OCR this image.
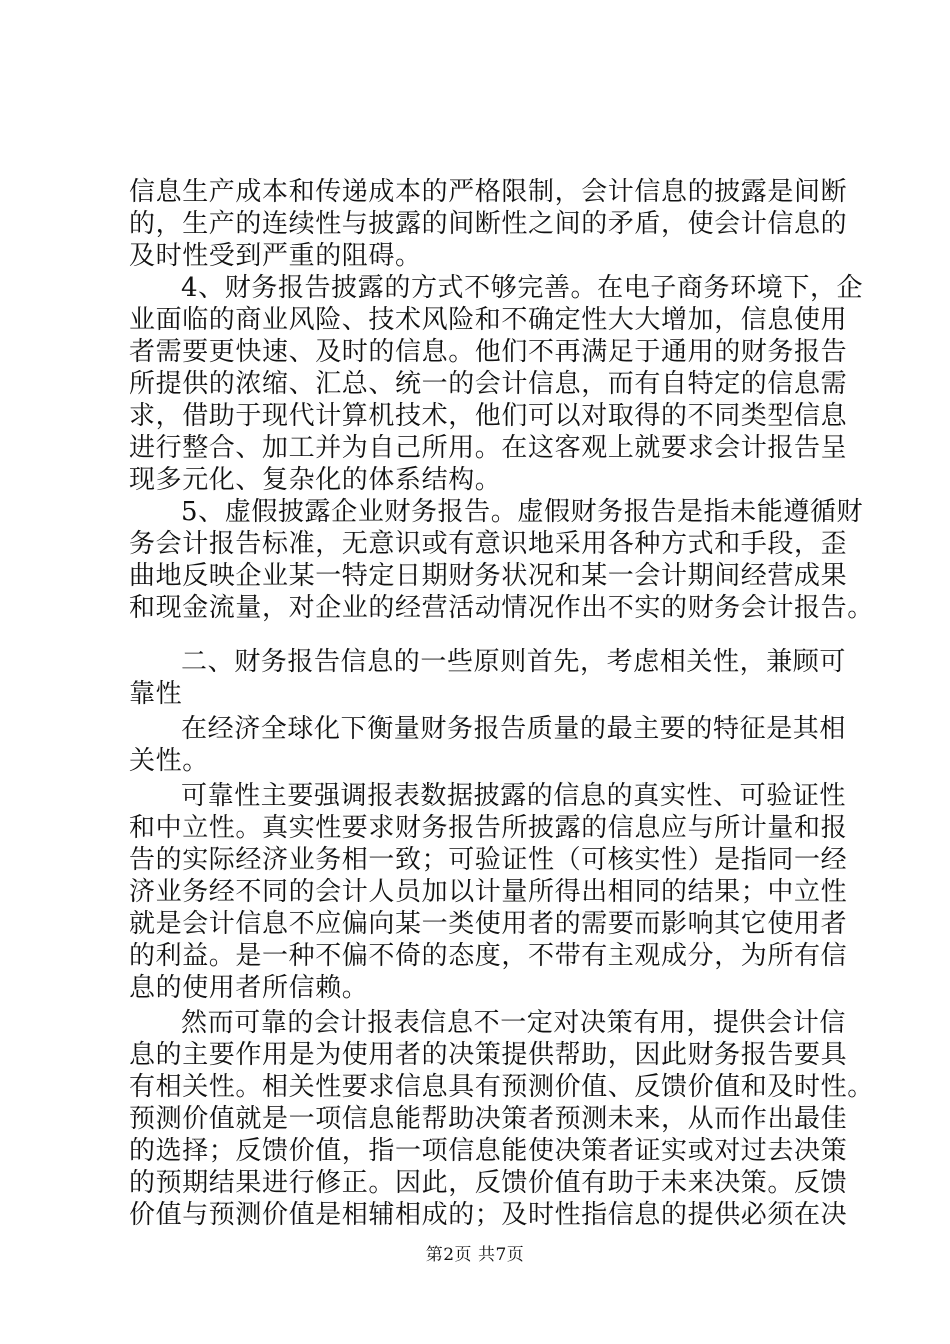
信息生产成本和传递成本的严格限制，会计信息的披露是间断
的，生产的连续性与披露的间断性之间的矛盾，使会计信息的
及时性受到严重的阻碍。
4、财务报告披露的方式不够完善。在电子商务环境下，企
业面临的商业风险、技术风险和不确定性大大增加，信息使用
者需要更快速、及时的信息。他们不再满足于通用的财务报告
所提供的浓缩、汇总、统一的会计信息，而有自特定的信息需
求，借助于现代计算机技术，他们可以对取得的不同类型信息
进行整合、加工并为自己所用。在这客观上就要求会计报告呈
现多元化、复杂化的体系结构。
5、虚假披露企业财务报告。虚假财务报告是指未能遵循财
务会计报告标准，无意识或有意识地采用各种方式和手段，歪
曲地反映企业某一特定日期财务状况和某一会计期间经营成果
和现金流量，对企业的经营活动情况作出不实的财务会计报告。
二、财务报告信息的一些原则首先，考虑相关性，兼顾可
靠性
在经济全球化下衡量财务报告质量的最主要的特征是其相
关性。
可靠性主要强调报表数据披露的信息的真实性、可验证性
和中立性。真实性要求财务报告所披露的信息应与所计量和报
告的实际经济业务相一致；可验证性（可核实性）是指同一经
济业务经不同的会计人员加以计量所得出相同的结果；中立性
就是会计信息不应偏向某一类使用者的需要而影响其它使用者
的利益。是一种不偏不倚的态度，不带有主观成分，为所有信
息的使用者所信赖。
然而可靠的会计报表信息不一定对决策有用，提供会计信
息的主要作用是为使用者的决策提供帮助，因此财务报告要具
有相关性。相关性要求信息具有预测价值、反馈价值和及时性。
预测价值就是一项信息能帮助决策者预测未来，从而作出最佳
的选择；反馈价值，指一项信息能使决策者证实或对过去决策
的预期结果进行修正。因此，反馈价值有助于未来决策。反馈
价值与预测价值是相辅相成的；及时性指信息的提供必须在决
第2页 共7页
